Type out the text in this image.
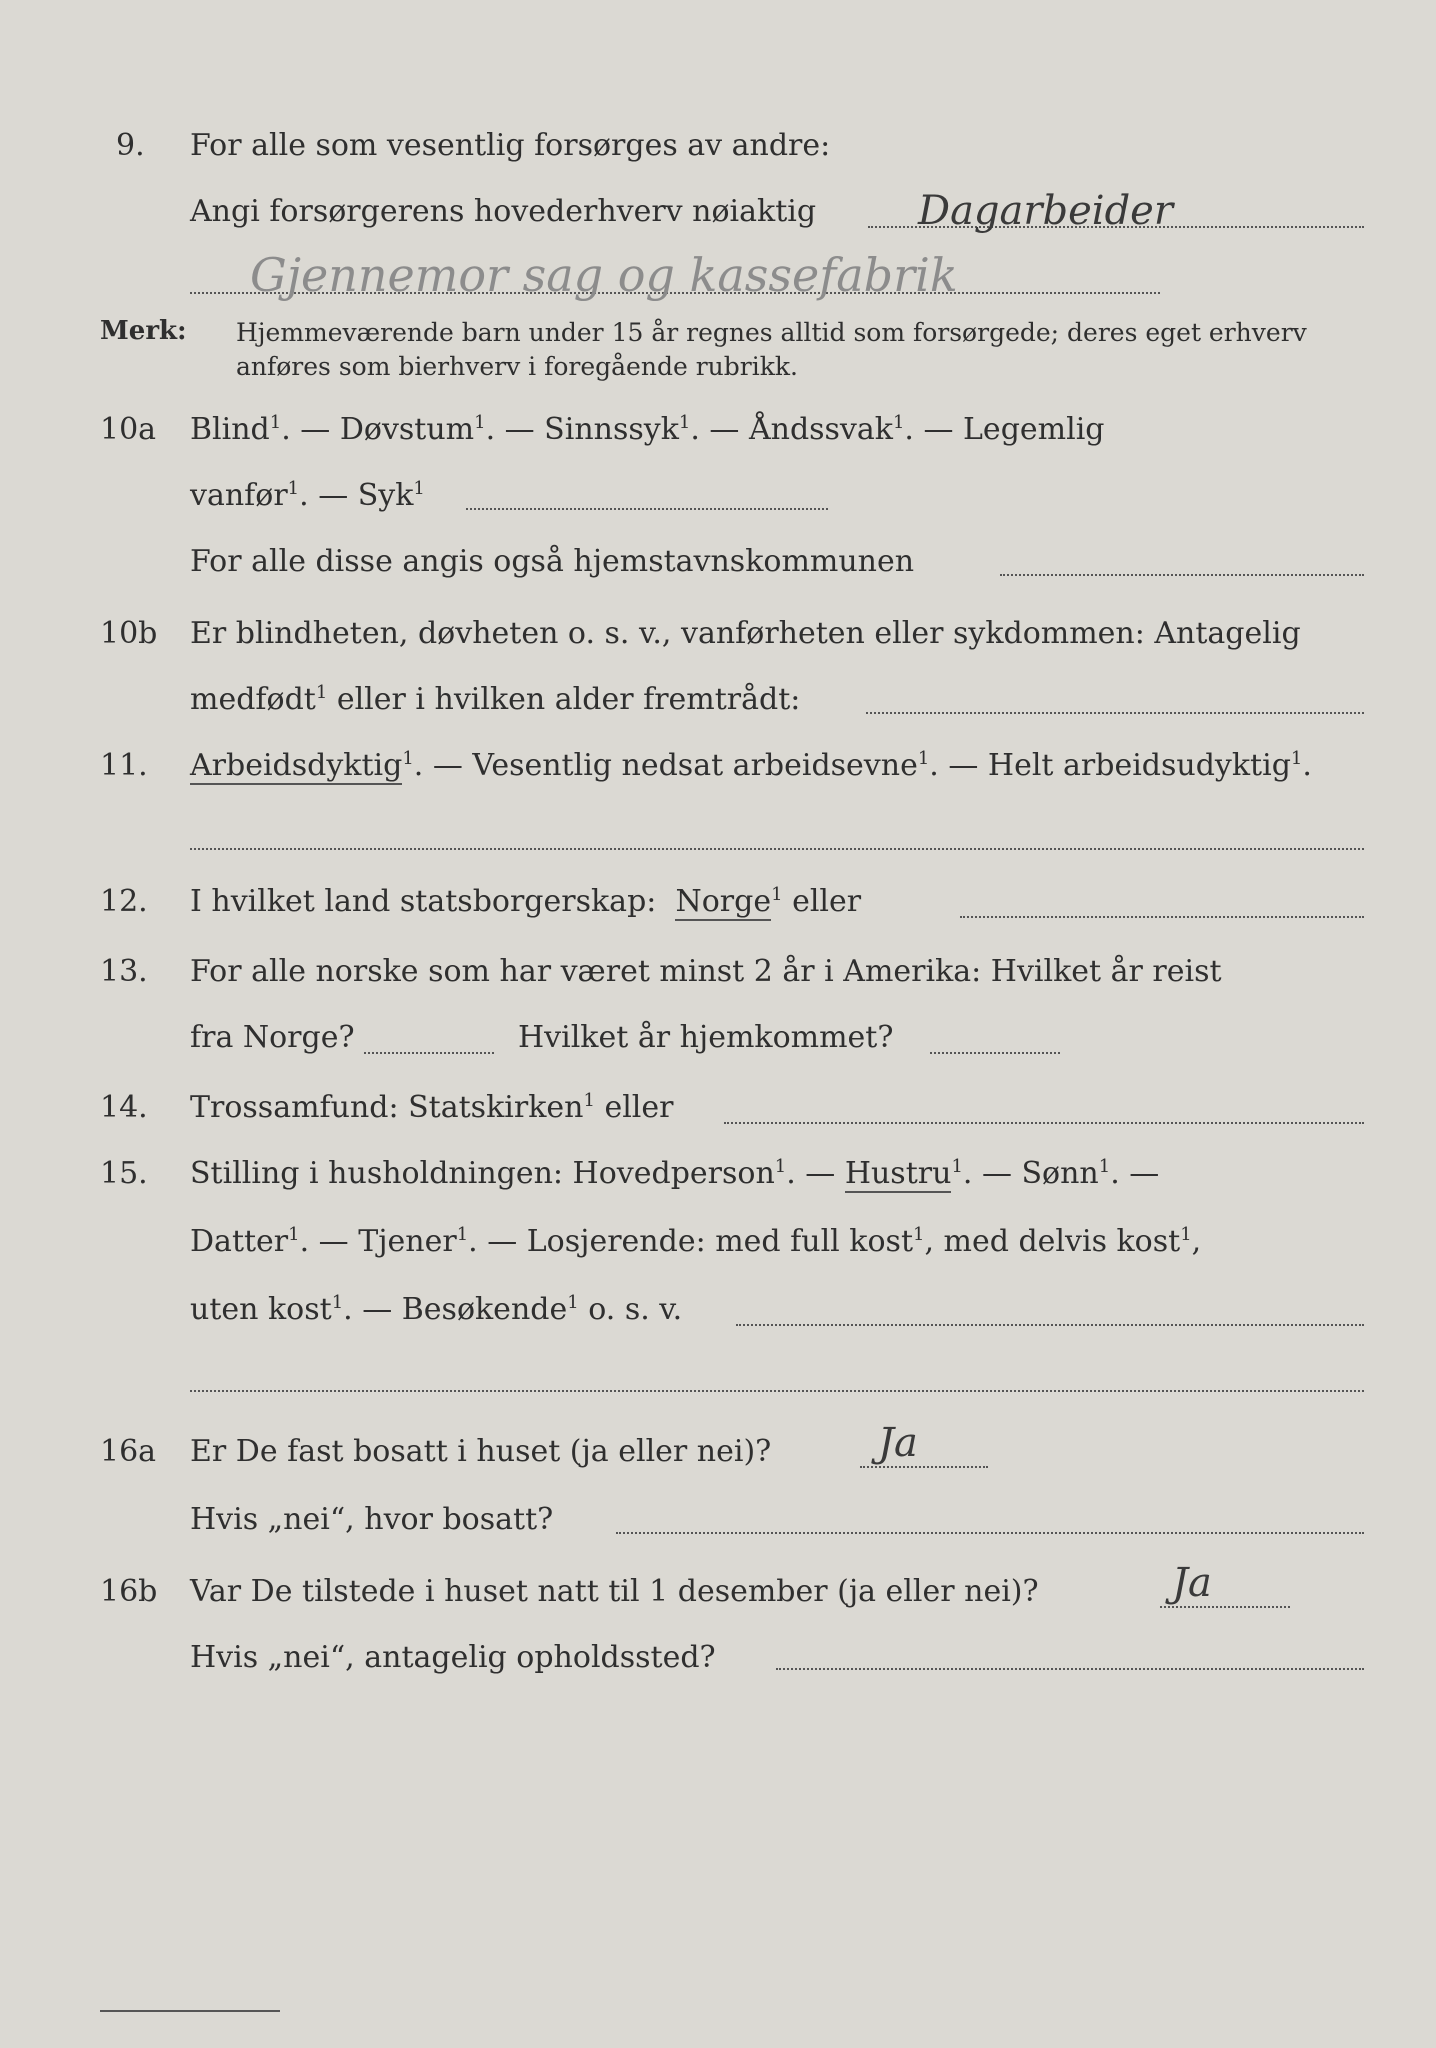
9. For alle som vesentlig forsørges av andre:
Angi forsørgerens hovederhverv nøiaktig	Dagarbeider
Gjennemor sag og kassefabrik
Merk: Hjemmeværende barn under 15 år regnes alltid som forsørgede; deres eget erhverv
anføres som bierhverv i foregående rubrikk.
10a Blind$^1$. — Døvstum$^1$. — Sinnssyk$^1$. — Åndssvak$^1$. — Legemlig
vanfør$^1$. — Syk$^1$
For alle disse angis også hjemstavnskommunen
10b Er blindheten, døvheten o. s. v., vanførheten eller sykdommen: Antagelig
medfødt$^1$ eller i hvilken alder fremtrådt:
11. Arbeidsdyktig$^1$. — Vesentlig nedsat arbeidsevne$^1$. — Helt arbeidsudyktig$^1$.
12. I hvilket land statsborgerskap: Norge$^1$ eller
13. For alle norske som har været minst 2 år i Amerika: Hvilket år reist
fra Norge?	Hvilket år hjemkommet?
14. Trossamfund: Statskirken$^1$ eller
15. Stilling i husholdningen: Hovedperson$^1$. — Hustru$^1$. — Sønn$^1$. —
Datter$^1$. — Tjener$^1$. — Losjerende: med full kost$^1$, med delvis kost$^1$,
uten kost$^1$. — Besøkende$^1$ o. s. v.
16a Er De fast bosatt i huset (ja eller nei)?	Ja
Hvis „nei“, hvor bosatt?
16b Var De tilstede i huset natt til 1 desember (ja eller nei)?	Ja
Hvis „nei“, antagelig opholdssted?
